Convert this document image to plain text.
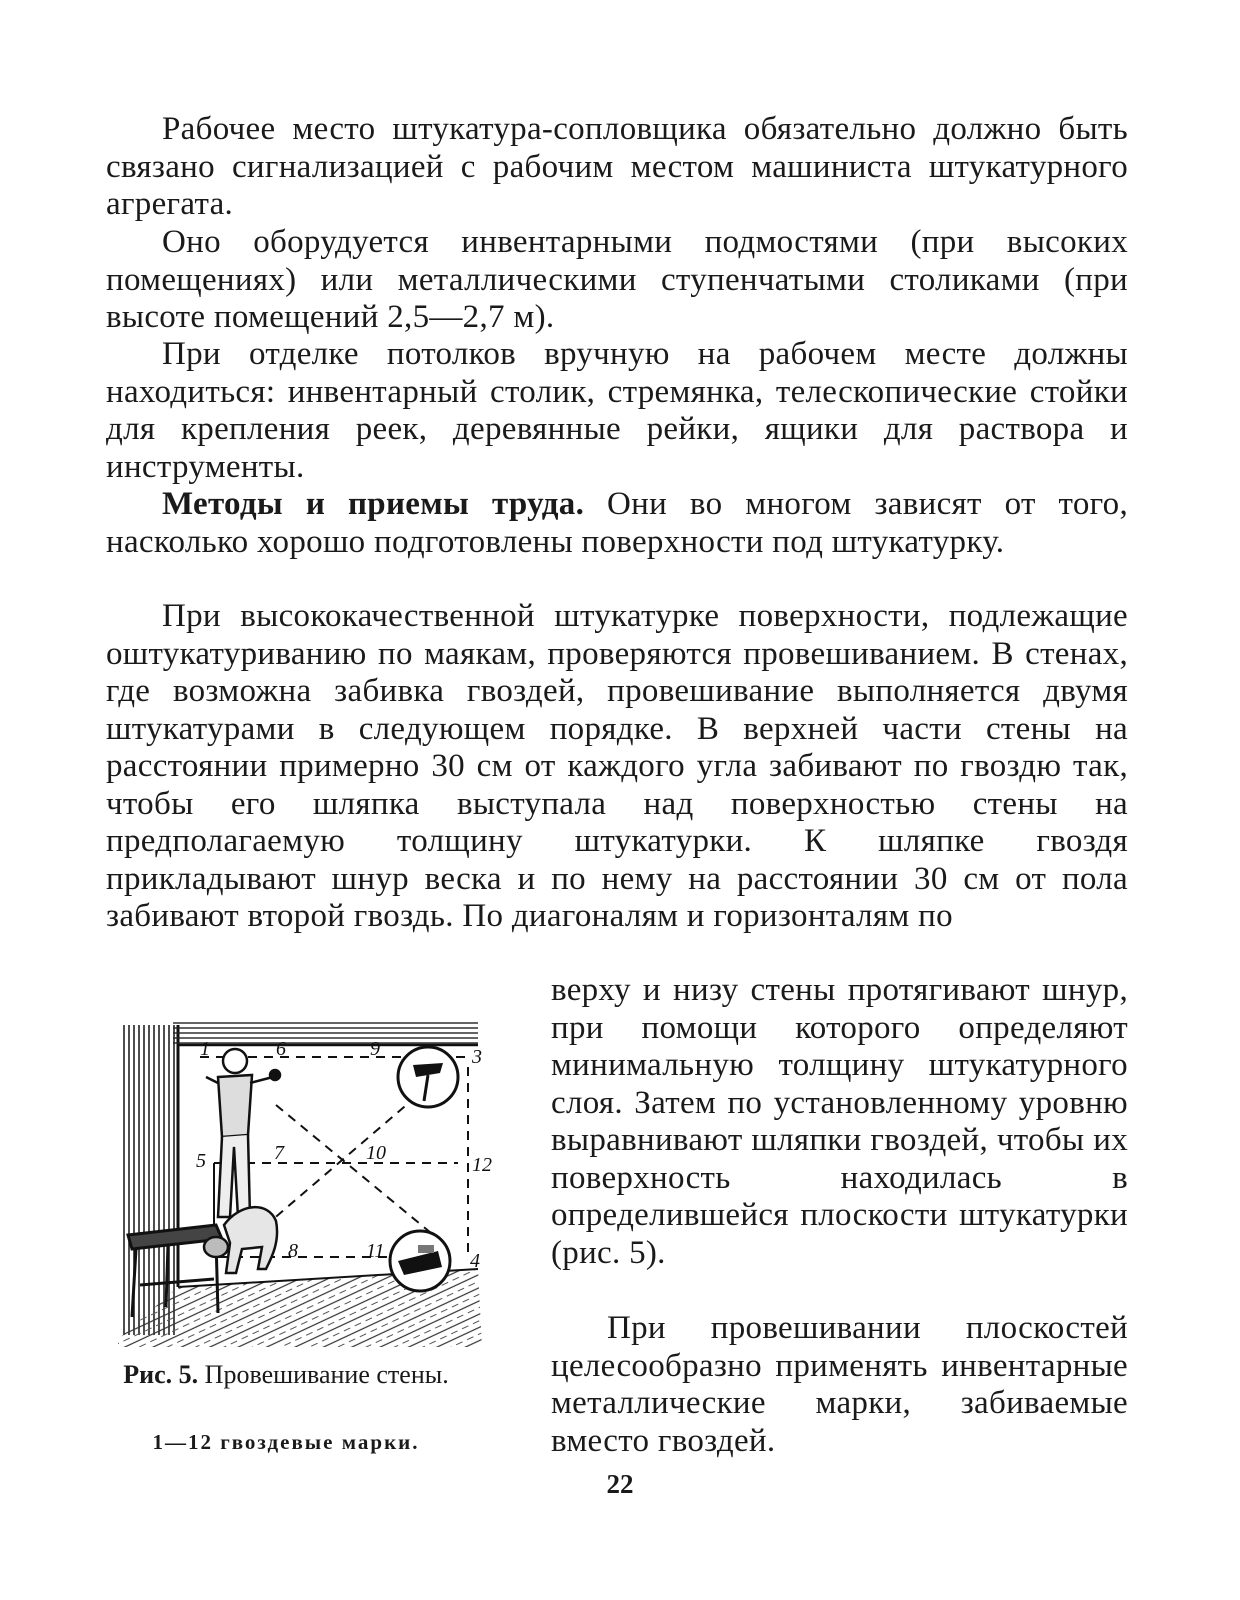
Рабочее место штукатура-сопловщика обязательно должно быть связано сигнализацией с рабочим местом машиниста штукатурного агрегата.

Оно оборудуется инвентарными подмостями (при высоких помещениях) или металлическими ступенчатыми столиками (при высоте помещений 2,5—2,7 м).

При отделке потолков вручную на рабочем месте должны находиться: инвентарный столик, стремянка, телескопические стойки для крепления реек, деревянные рейки, ящики для раствора и инструменты.

Методы и приемы труда. Они во многом зависят от того, насколько хорошо подготовлены поверхности под штукатурку.

При высококачественной штукатурке поверхности, подлежащие оштукатуриванию по маякам, проверяются провешиванием. В стенах, где возможна забивка гвоздей, провешивание выполняется двумя штукатурами в следующем порядке. В верхней части стены на расстоянии примерно 30 см от каждого угла забивают по гвоздю так, чтобы его шляпка выступала над поверхностью стены на предполагаемую толщину штукатурки. К шляпке гвоздя прикладывают шнур веска и по нему на расстоянии 30 см от пола забивают второй гвоздь. По диагоналям и горизонталям по

верху и низу стены протягивают шнур, при помощи которого определяют минимальную толщину штукатурного слоя. Затем по установленному уровню выравнивают шляпки гвоздей, чтобы их поверхность находилась в определившейся плоскости штукатурки (рис. 5).

При провешивании плоскостей целесообразно применять инвентарные металлические марки, забиваемые вместо гвоздей.

1	3
4
5
6
7
8
9
10
11
12
Рис. 5. Провешивание стены.
1—12 гвоздевые марки.
22
